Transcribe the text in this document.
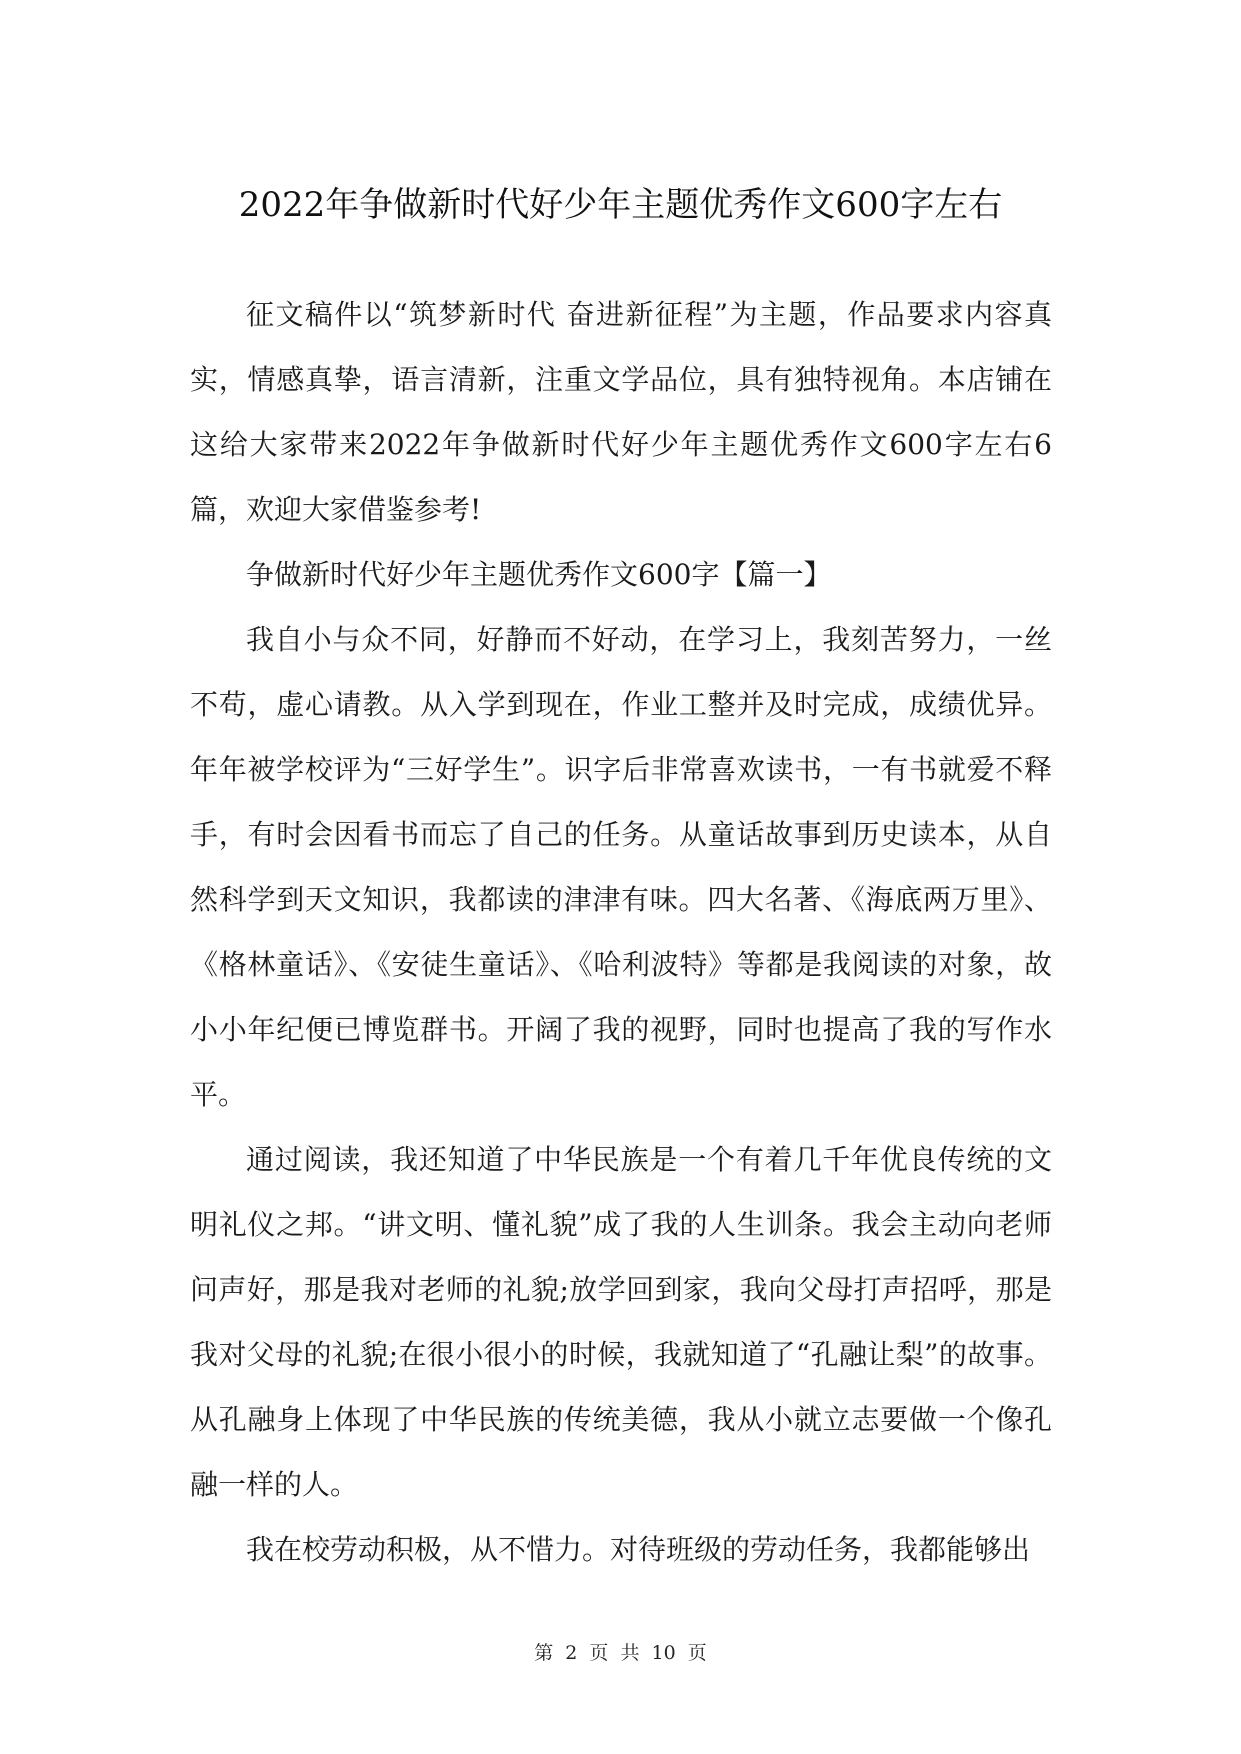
2022年争做新时代好少年主题优秀作文600字左右

征文稿件以“筑梦新时代 奋进新征程”为主题，作品要求内容真实，情感真挚，语言清新，注重文学品位，具有独特视角。本店铺在这给大家带来2022年争做新时代好少年主题优秀作文600字左右6篇，欢迎大家借鉴参考!

争做新时代好少年主题优秀作文600字【篇一】

我自小与众不同，好静而不好动，在学习上，我刻苦努力，一丝不苟，虚心请教。从入学到现在，作业工整并及时完成，成绩优异。年年被学校评为“三好学生”。识字后非常喜欢读书，一有书就爱不释手，有时会因看书而忘了自己的任务。从童话故事到历史读本，从自然科学到天文知识，我都读的津津有味。四大名著、《海底两万里》、《格林童话》、《安徒生童话》、《哈利波特》等都是我阅读的对象，故小小年纪便已博览群书。开阔了我的视野，同时也提高了我的写作水平。

通过阅读，我还知道了中华民族是一个有着几千年优良传统的文明礼仪之邦。“讲文明、懂礼貌”成了我的人生训条。我会主动向老师问声好，那是我对老师的礼貌;放学回到家，我向父母打声招呼，那是我对父母的礼貌;在很小很小的时候，我就知道了“孔融让梨”的故事。从孔融身上体现了中华民族的传统美德，我从小就立志要做一个像孔融一样的人。

我在校劳动积极，从不惜力。对待班级的劳动任务，我都能够出

第 2 页 共 10 页
